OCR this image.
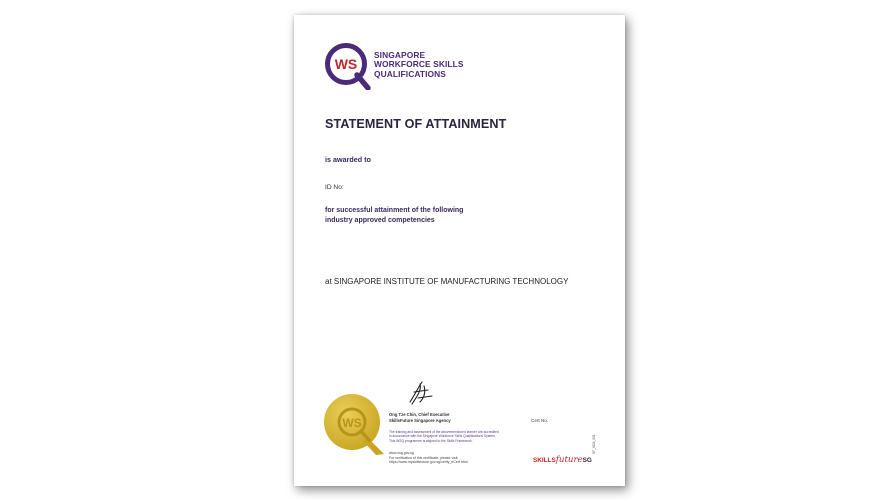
WS
SINGAPORE
WORKFORCE SKILLS
QUALIFICATIONS
STATEMENT OF ATTAINMENT
is awarded to
ID No:
for successful attainment of the following
industry approved competencies
at SINGAPORE INSTITUTE OF MANUFACTURING TECHNOLOGY
WS
Ong Tze Chin, Chief Executive
SkillsFuture Singapore Agency
The training and assessment of the abovementioned learner are accredited
in accordance with the Singapore Workforce Skills Qualifications System.
This WSQ programme is aligned to the Skills Framework.
www.ssg.gov.sg
For verification of this certificate, please visit
https://www.myskillsfuture.gov.sg/verify_eCert.html
Cert No.
SKILLSfutureSG
SF_SOA_001
